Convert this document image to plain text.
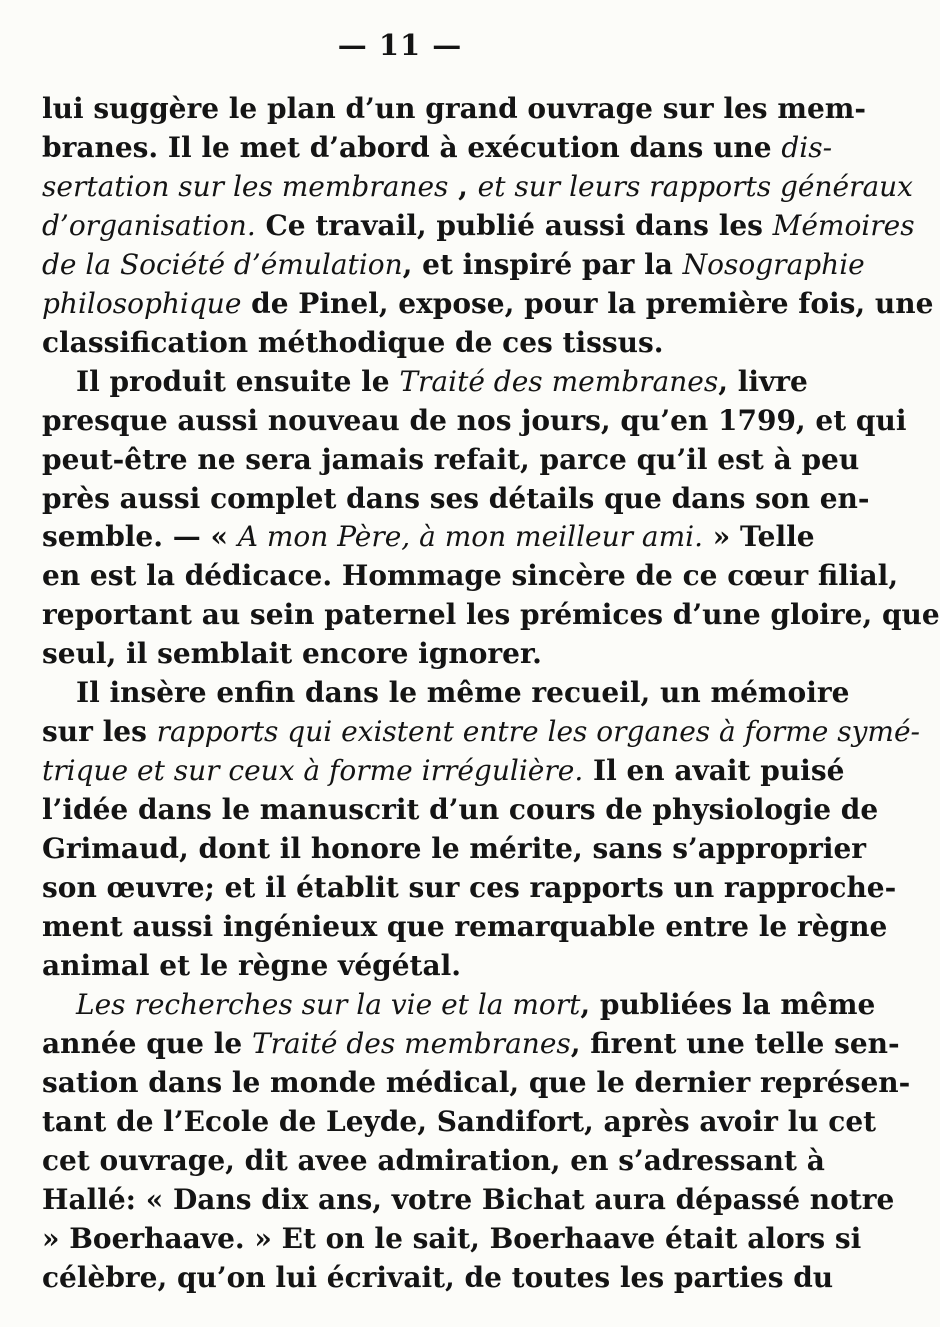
— 11 —
lui suggère le plan d’un grand ouvrage sur les mem-
branes. Il le met d’abord à exécution dans une dis-
sertation sur les membranes , et sur leurs rapports généraux
d’organisation. Ce travail, publié aussi dans les Mémoires
de la Société d’émulation, et inspiré par la Nosographie
philosophique de Pinel, expose, pour la première fois, une
classification méthodique de ces tissus.
Il produit ensuite le Traité des membranes, livre
presque aussi nouveau de nos jours, qu’en 1799, et qui
peut-être ne sera jamais refait, parce qu’il est à peu
près aussi complet dans ses détails que dans son en-
semble. — « A mon Père, à mon meilleur ami. » Telle
en est la dédicace. Hommage sincère de ce cœur filial,
reportant au sein paternel les prémices d’une gloire, que
seul, il semblait encore ignorer.
Il insère enfin dans le même recueil, un mémoire
sur les rapports qui existent entre les organes à forme symé-
trique et sur ceux à forme irrégulière. Il en avait puisé
l’idée dans le manuscrit d’un cours de physiologie de
Grimaud, dont il honore le mérite, sans s’approprier
son œuvre; et il établit sur ces rapports un rapproche-
ment aussi ingénieux que remarquable entre le règne
animal et le règne végétal.
Les recherches sur la vie et la mort, publiées la même
année que le Traité des membranes, firent une telle sen-
sation dans le monde médical, que le dernier représen-
tant de l’Ecole de Leyde, Sandifort, après avoir lu cet
cet ouvrage, dit avee admiration, en s’adressant à
Hallé: « Dans dix ans, votre Bichat aura dépassé notre
» Boerhaave. » Et on le sait, Boerhaave était alors si
célèbre, qu’on lui écrivait, de toutes les parties du
